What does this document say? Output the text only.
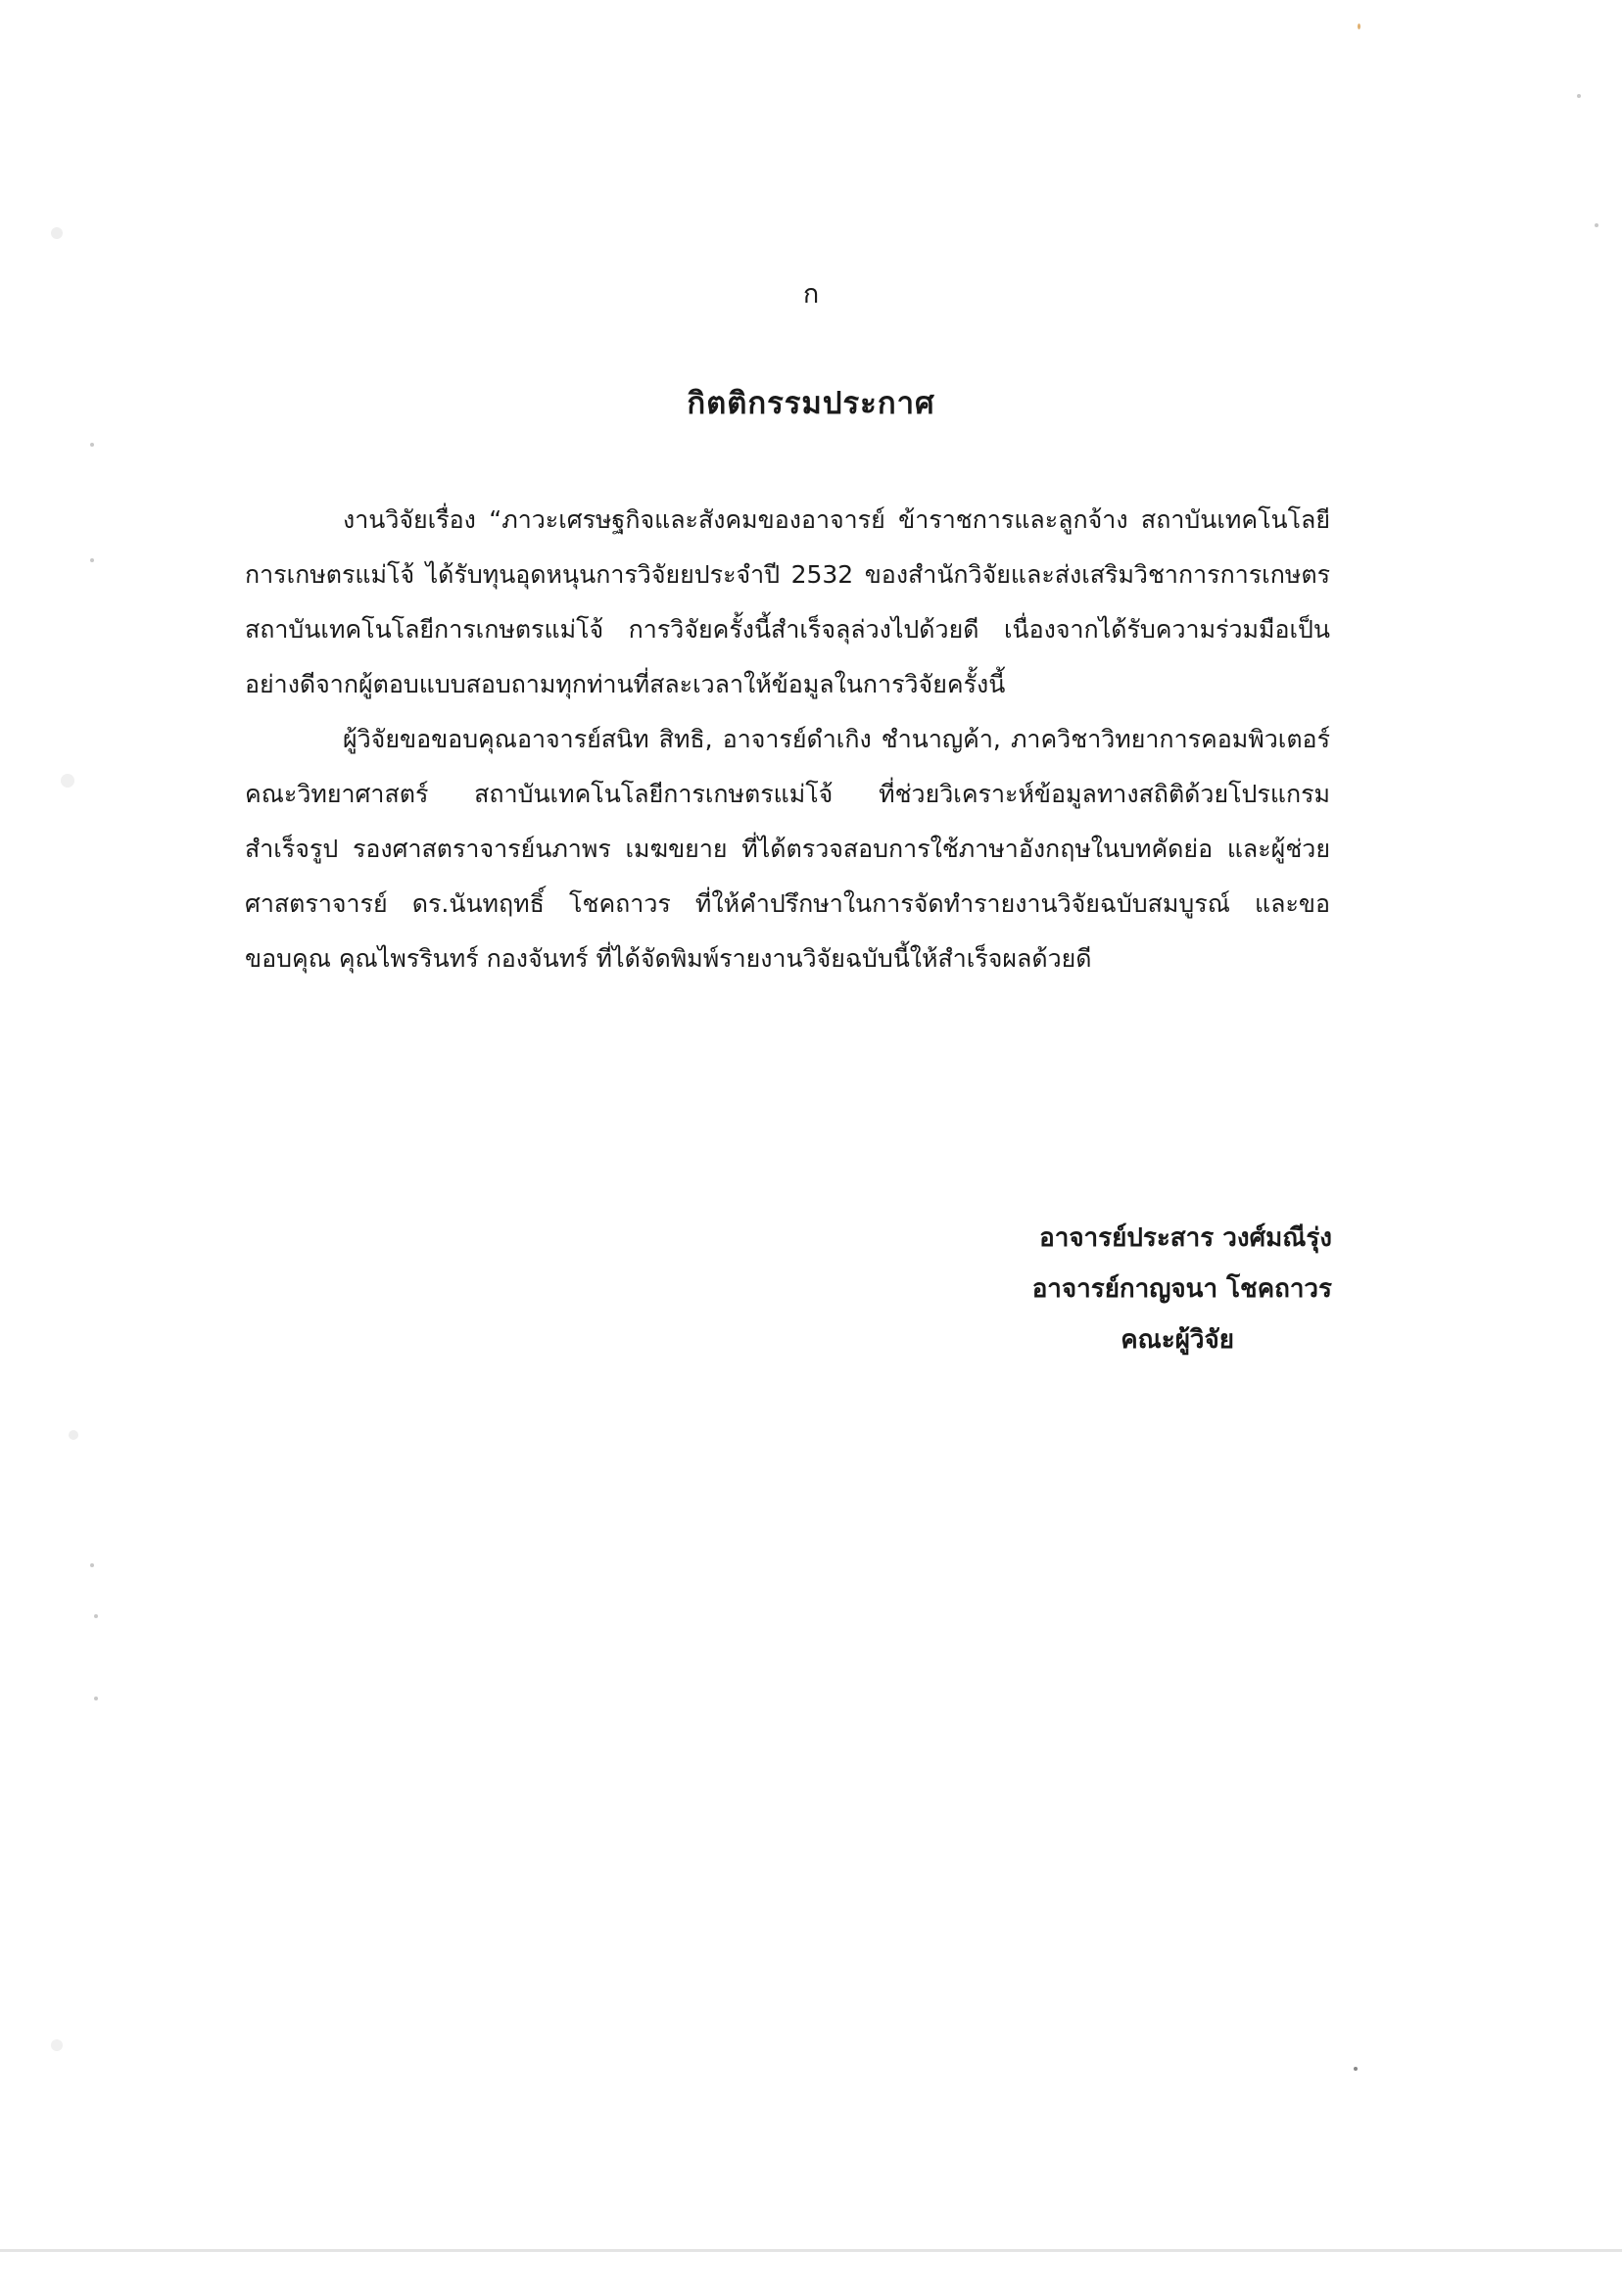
ก
กิตติกรรมประกาศ

งานวิจัยเรื่อง “ภาวะเศรษฐกิจและสังคมของอาจารย์ ข้าราชการและลูกจ้าง สถาบันเทคโนโลยีการเกษตรแม่โจ้ ได้รับทุนอุดหนุนการวิจัยยประจำปี 2532 ของสำนักวิจัยและส่งเสริมวิชาการการเกษตร สถาบันเทคโนโลยีการเกษตรแม่โจ้ การวิจัยครั้งนี้สำเร็จลุล่วงไปด้วยดี เนื่องจากได้รับความร่วมมือเป็นอย่างดีจากผู้ตอบแบบสอบถามทุกท่านที่สละเวลาให้ข้อมูลในการวิจัยครั้งนี้

ผู้วิจัยขอขอบคุณอาจารย์สนิท สิทธิ, อาจารย์ดำเกิง ชำนาญค้า, ภาควิชาวิทยาการคอมพิวเตอร์ คณะวิทยาศาสตร์ สถาบันเทคโนโลยีการเกษตรแม่โจ้ ที่ช่วยวิเคราะห์ข้อมูลทางสถิติด้วยโปรแกรมสำเร็จรูป รองศาสตราจารย์นภาพร เมฆขยาย ที่ได้ตรวจสอบการใช้ภาษาอังกฤษในบทคัดย่อ และผู้ช่วยศาสตราจารย์ ดร.นันทฤทธิ์ โชคถาวร ที่ให้คำปรึกษาในการจัดทำรายงานวิจัยฉบับสมบูรณ์ และขอขอบคุณ คุณไพรรินทร์ กองจันทร์ ที่ได้จัดพิมพ์รายงานวิจัยฉบับนี้ให้สำเร็จผลด้วยดี

อาจารย์ประสาร วงศ์มณีรุ่ง
อาจารย์กาญจนา โชคถาวร
คณะผู้วิจัย
